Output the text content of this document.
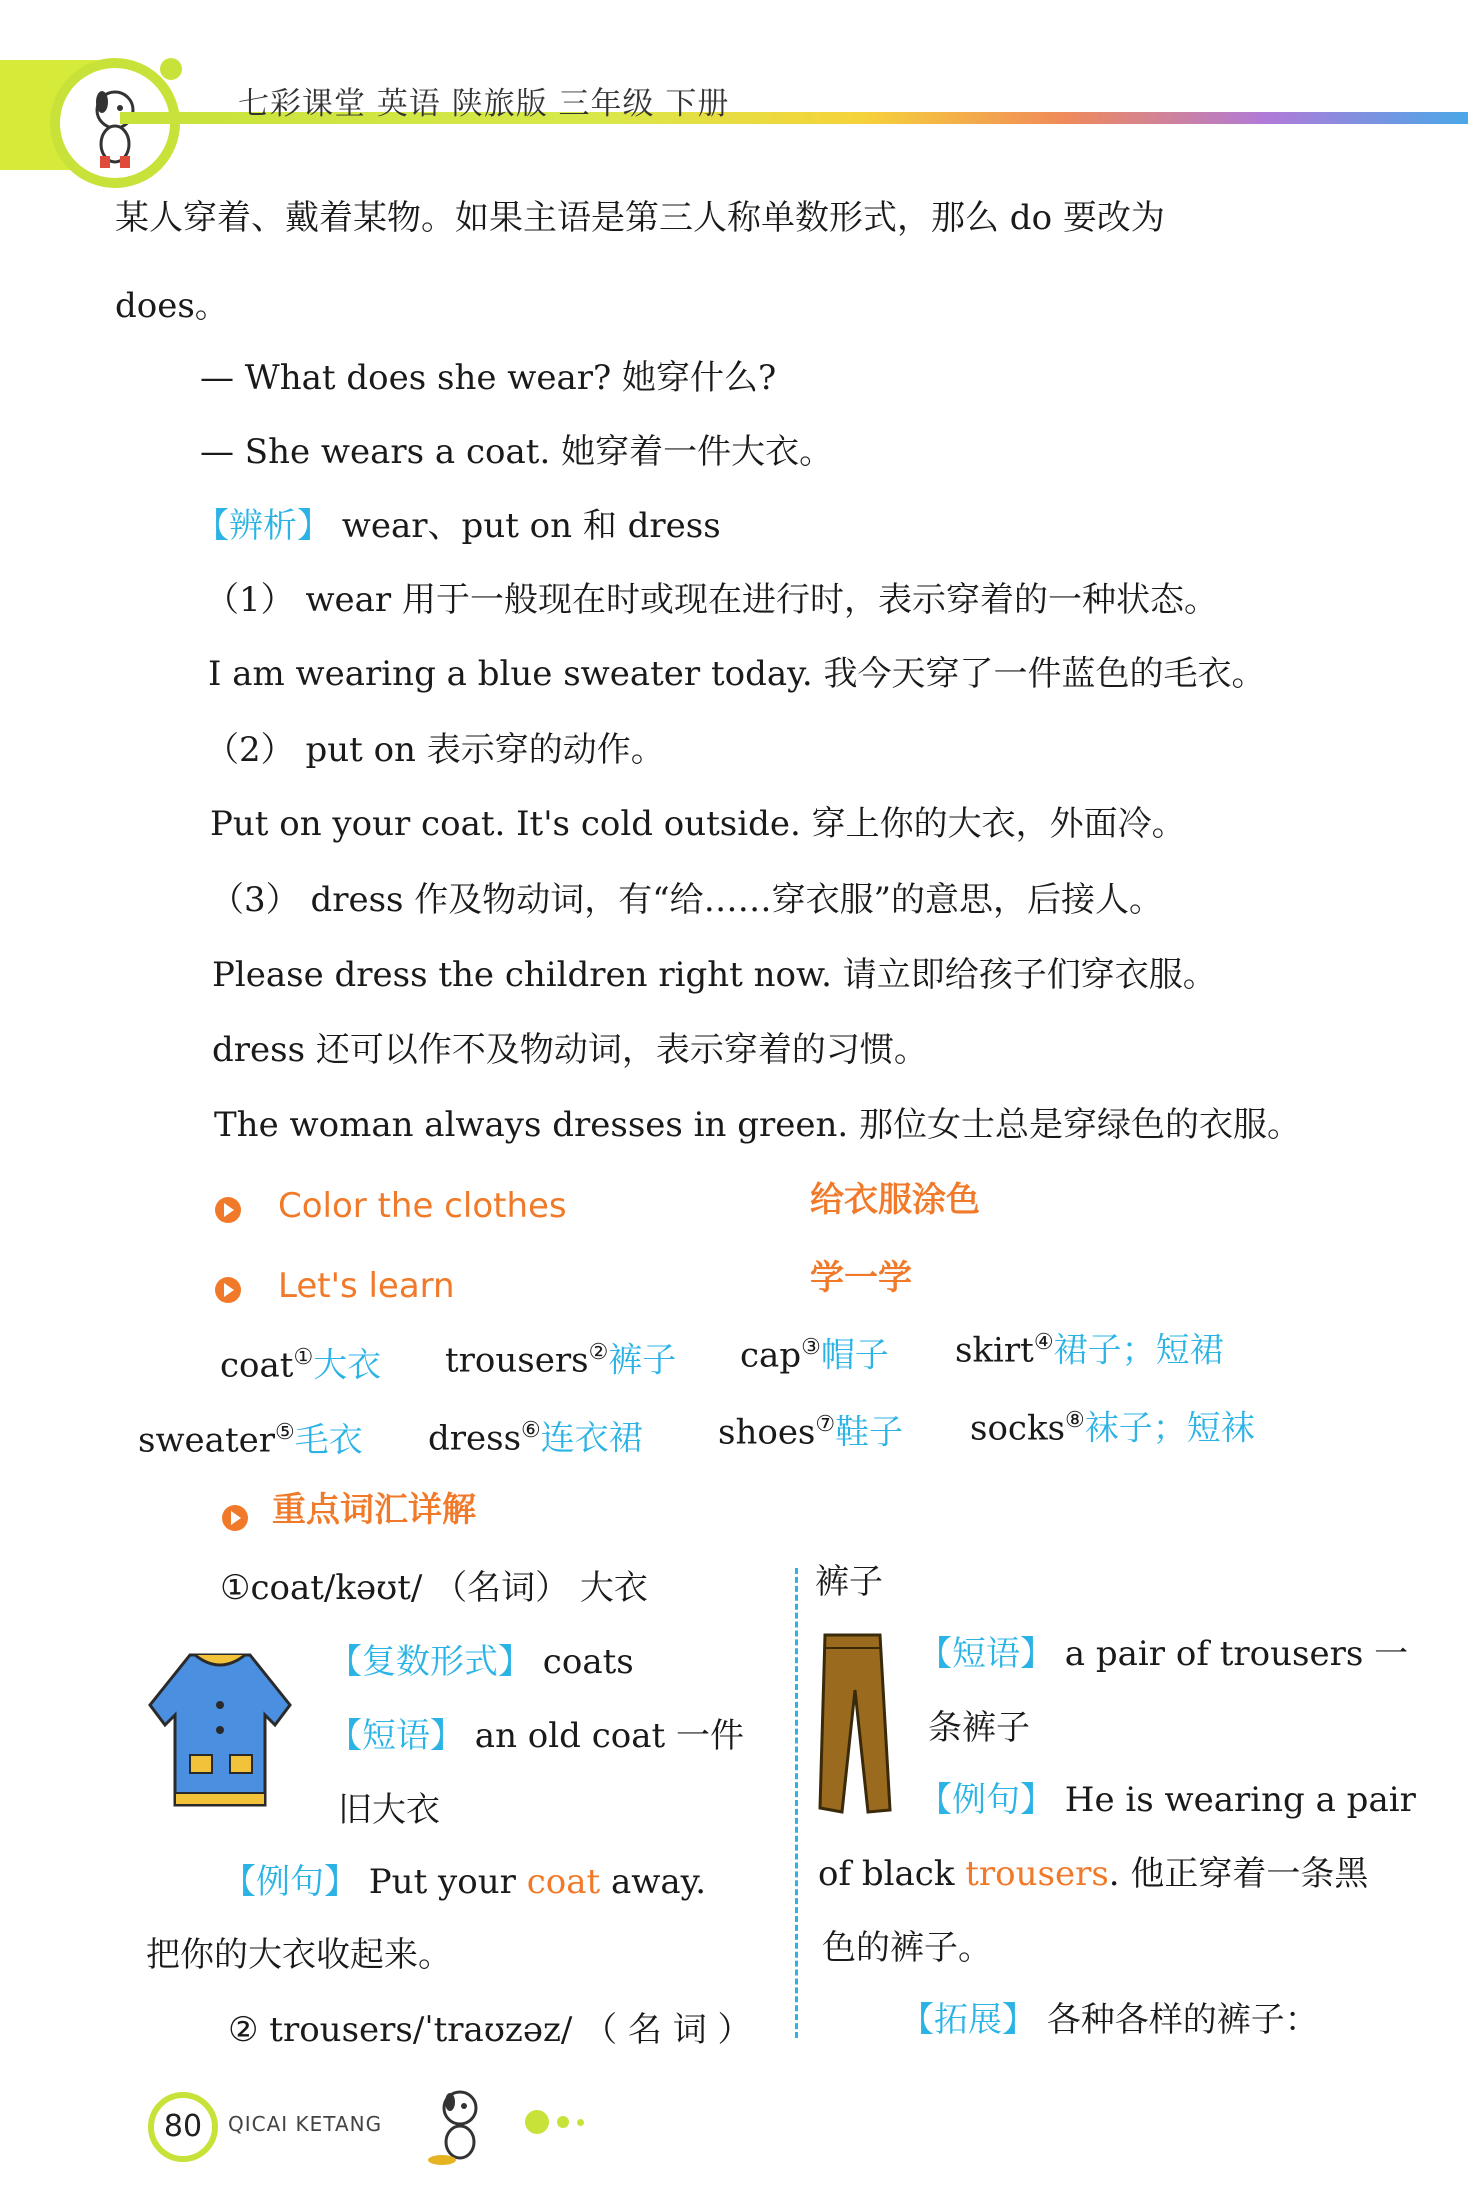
七彩课堂 英语 陕旅版 三年级 下册
某人穿着、戴着某物。如果主语是第三人称单数形式，那么 do 要改为
does。
— What does she wear? 她穿什么?
— She wears a coat. 她穿着一件大衣。
【辨析】 wear、put on 和 dress
（1） wear 用于一般现在时或现在进行时，表示穿着的一种状态。
I am wearing a blue sweater today. 我今天穿了一件蓝色的毛衣。
（2） put on 表示穿的动作。
Put on your coat. It's cold outside. 穿上你的大衣，外面冷。
（3） dress 作及物动词，有“给……穿衣服”的意思，后接人。
Please dress the children right now. 请立即给孩子们穿衣服。
dress 还可以作不及物动词，表示穿着的习惯。
The woman always dresses in green. 那位女士总是穿绿色的衣服。
Color the clothes	给衣服涂色
Let's learn	学一学
coat①大衣 trousers②裤子 cap③帽子 skirt④裙子；短裙
sweater⑤毛衣 dress⑥连衣裙 shoes⑦鞋子 socks⑧袜子；短袜
重点词汇详解
①coat/kəʊt/ （名词） 大衣
【复数形式】 coats
【短语】 an old coat 一件
旧大衣
【例句】 Put your coat away.
把你的大衣收起来。
② trousers/ˈtraʊzəz/ （ 名 词 ）
裤子
【短语】 a pair of trousers 一
条裤子
【例句】 He is wearing a pair
of black trousers. 他正穿着一条黑
色的裤子。
【拓展】 各种各样的裤子：
80	QICAI KETANG
